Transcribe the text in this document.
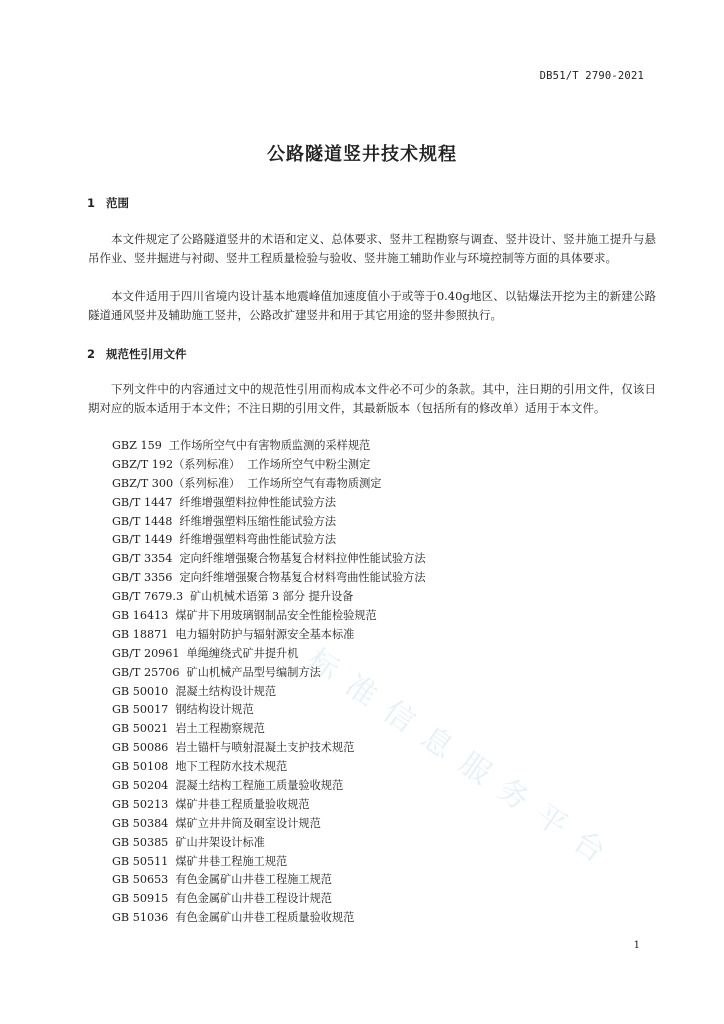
DB51/T 2790-2021
公路隧道竖井技术规程
1 范围
本文件规定了公路隧道竖井的术语和定义、总体要求、竖井工程勘察与调查、竖井设计、竖井施工提升与悬吊作业、竖井掘进与衬砌、竖井工程质量检验与验收、竖井施工辅助作业与环境控制等方面的具体要求。
本文件适用于四川省境内设计基本地震峰值加速度值小于或等于0.40g地区、以钻爆法开挖为主的新建公路隧道通风竖井及辅助施工竖井，公路改扩建竖井和用于其它用途的竖井参照执行。
2 规范性引用文件
下列文件中的内容通过文中的规范性引用而构成本文件必不可少的条款。其中，注日期的引用文件，仅该日期对应的版本适用于本文件；不注日期的引用文件，其最新版本（包括所有的修改单）适用于本文件。
GBZ 159 工作场所空气中有害物质监测的采样规范
GBZ/T 192（系列标准） 工作场所空气中粉尘测定
GBZ/T 300（系列标准） 工作场所空气有毒物质测定
GB/T 1447 纤维增强塑料拉伸性能试验方法
GB/T 1448 纤维增强塑料压缩性能试验方法
GB/T 1449 纤维增强塑料弯曲性能试验方法
GB/T 3354 定向纤维增强聚合物基复合材料拉伸性能试验方法
GB/T 3356 定向纤维增强聚合物基复合材料弯曲性能试验方法
GB/T 7679.3 矿山机械术语第 3 部分 提升设备
GB 16413 煤矿井下用玻璃钢制品安全性能检验规范
GB 18871 电力辐射防护与辐射源安全基本标准
GB/T 20961 单绳缠绕式矿井提升机
GB/T 25706 矿山机械产品型号编制方法
GB 50010 混凝土结构设计规范
GB 50017 钢结构设计规范
GB 50021 岩土工程勘察规范
GB 50086 岩土锚杆与喷射混凝土支护技术规范
GB 50108 地下工程防水技术规范
GB 50204 混凝土结构工程施工质量验收规范
GB 50213 煤矿井巷工程质量验收规范
GB 50384 煤矿立井井筒及硐室设计规范
GB 50385 矿山井架设计标准
GB 50511 煤矿井巷工程施工规范
GB 50653 有色金属矿山井巷工程施工规范
GB 50915 有色金属矿山井巷工程设计规范
GB 51036 有色金属矿山井巷工程质量验收规范
标
准
信
息
服
务
平
台
1
